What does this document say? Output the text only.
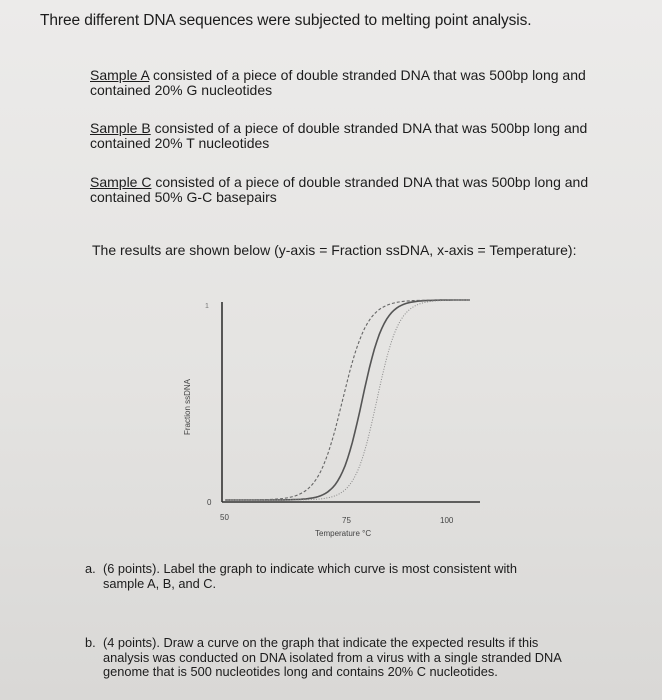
Three different DNA sequences were subjected to melting point analysis.
Sample A consisted of a piece of double stranded DNA that was 500bp long and
contained 20% G nucleotides
Sample B consisted of a piece of double stranded DNA that was 500bp long and
contained 20% T nucleotides
Sample C consisted of a piece of double stranded DNA that was 500bp long and
contained 50% G-C basepairs
The results are shown below (y-axis = Fraction ssDNA, x-axis = Temperature):
1
0
50	75	100
Temperature °C
Fraction ssDNA
a. (6 points). Label the graph to indicate which curve is most consistent with
sample A, B, and C.
b. (4 points). Draw a curve on the graph that indicate the expected results if this
analysis was conducted on DNA isolated from a virus with a single stranded DNA
genome that is 500 nucleotides long and contains 20% C nucleotides.
